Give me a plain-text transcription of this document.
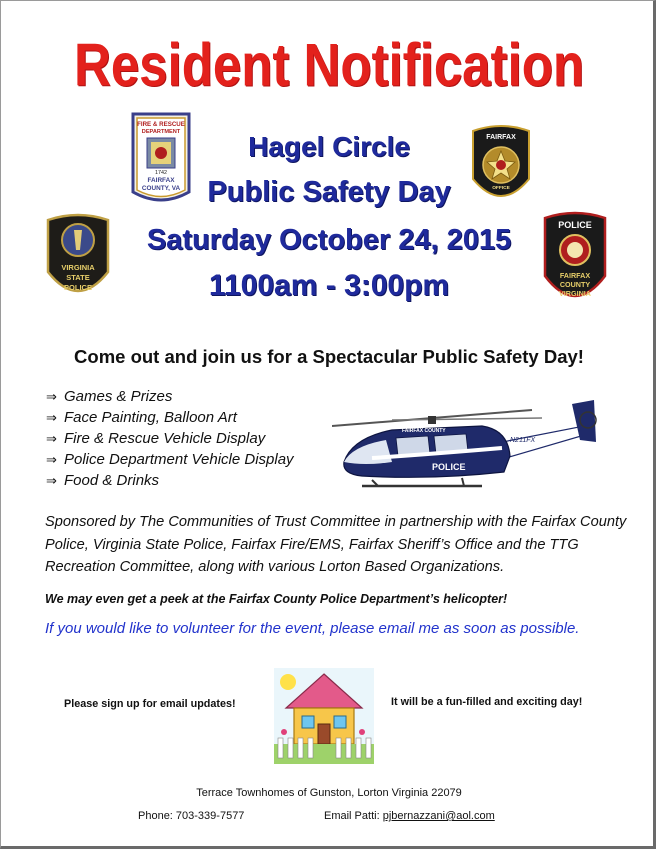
Resident Notification
Hagel Circle
Public Safety Day
Saturday October 24, 2015
1100am - 3:00pm
FIRE & RESCUE
DEPARTMENT
1742
FAIRFAX
COUNTY, VA
FAIRFAX
OFFICE
VIRGINIA
STATE
POLICE
POLICE
FAIRFAX
COUNTY
VIRGINIA
Come out and join us for a Spectacular Public Safety Day!
⇒ Games & Prizes
⇒ Face Painting, Balloon Art
⇒ Fire & Rescue Vehicle Display
⇒ Police Department Vehicle Display
⇒ Food & Drinks
FAIRFAX COUNTY
POLICE
N211FX
Sponsored by The Communities of Trust Committee in partnership with the Fairfax County Police, Virginia State Police, Fairfax Fire/EMS, Fairfax Sheriff’s Office and the TTG Recreation Committee, along with various Lorton Based Organizations.
We may even get a peek at the Fairfax County Police Department’s helicopter!
If you would like to volunteer for the event, please email me as soon as possible.
Please sign up for email updates!	It will be a fun-filled and exciting day!
Terrace Townhomes of Gunston, Lorton Virginia 22079
Phone: 703-339-7577	Email Patti: pjbernazzani@aol.com
